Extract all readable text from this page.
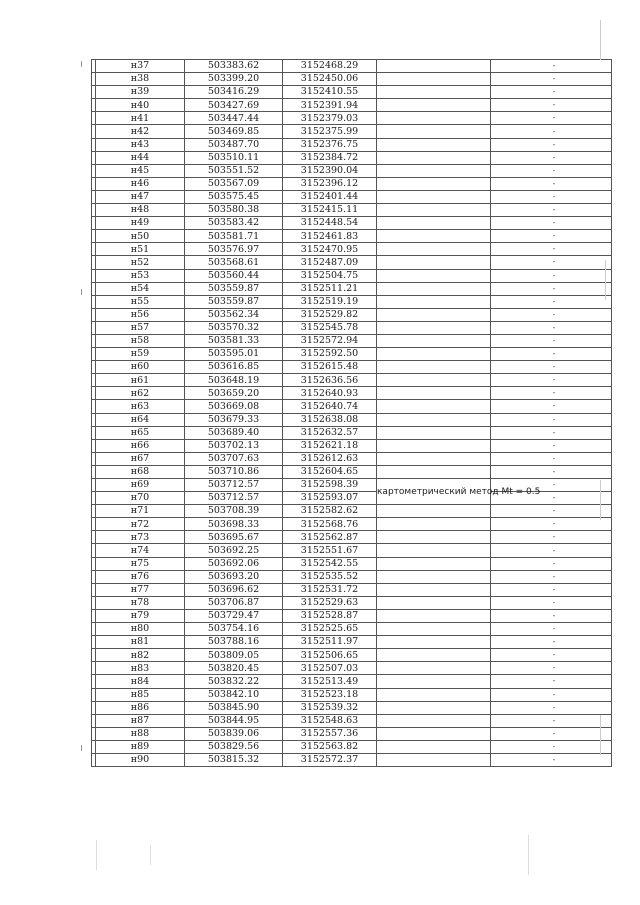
	н37	503383.62	3152468.29		-
	н38	503399.20	3152450.06		-
	н39	503416.29	3152410.55		-
	н40	503427.69	3152391.94		-
	н41	503447.44	3152379.03		-
	н42	503469.85	3152375.99		-
	н43	503487.70	3152376.75		-
	н44	503510.11	3152384.72		-
	н45	503551.52	3152390.04		-
	н46	503567.09	3152396.12		-
	н47	503575.45	3152401.44		-
	н48	503580.38	3152415.11		-
	н49	503583.42	3152448.54		-
	н50	503581.71	3152461.83		-
	н51	503576.97	3152470.95		-
	н52	503568.61	3152487.09		-
	н53	503560.44	3152504.75		-
	н54	503559.87	3152511.21		-
	н55	503559.87	3152519.19		-
	н56	503562.34	3152529.82		-
	н57	503570.32	3152545.78		-
	н58	503581.33	3152572.94		-
	н59	503595.01	3152592.50		-
	н60	503616.85	3152615.48		-
	н61	503648.19	3152636.56		-
	н62	503659.20	3152640.93		-
	н63	503669.08	3152640.74		-
	н64	503679.33	3152638.08		-
	н65	503689.40	3152632.57		-
	н66	503702.13	3152621.18		-
	н67	503707.63	3152612.63		-
	н68	503710.86	3152604.65		-
	н69	503712.57	3152598.39	картометрический метод Mt = 0.5	-
	н70	503712.57	3152593.07		-
	н71	503708.39	3152582.62		-
	н72	503698.33	3152568.76		-
	н73	503695.67	3152562.87		-
	н74	503692.25	3152551.67		-
	н75	503692.06	3152542.55		-
	н76	503693.20	3152535.52		-
	н77	503696.62	3152531.72		-
	н78	503706.87	3152529.63		-
	н79	503729.47	3152528.87		-
	н80	503754.16	3152525.65		-
	н81	503788.16	3152511.97		-
	н82	503809.05	3152506.65		-
	н83	503820.45	3152507.03		-
	н84	503832.22	3152513.49		-
	н85	503842.10	3152523.18		-
	н86	503845.90	3152539.32		-
	н87	503844.95	3152548.63		-
	н88	503839.06	3152557.36		-
	н89	503829.56	3152563.82		-
	н90	503815.32	3152572.37		-
